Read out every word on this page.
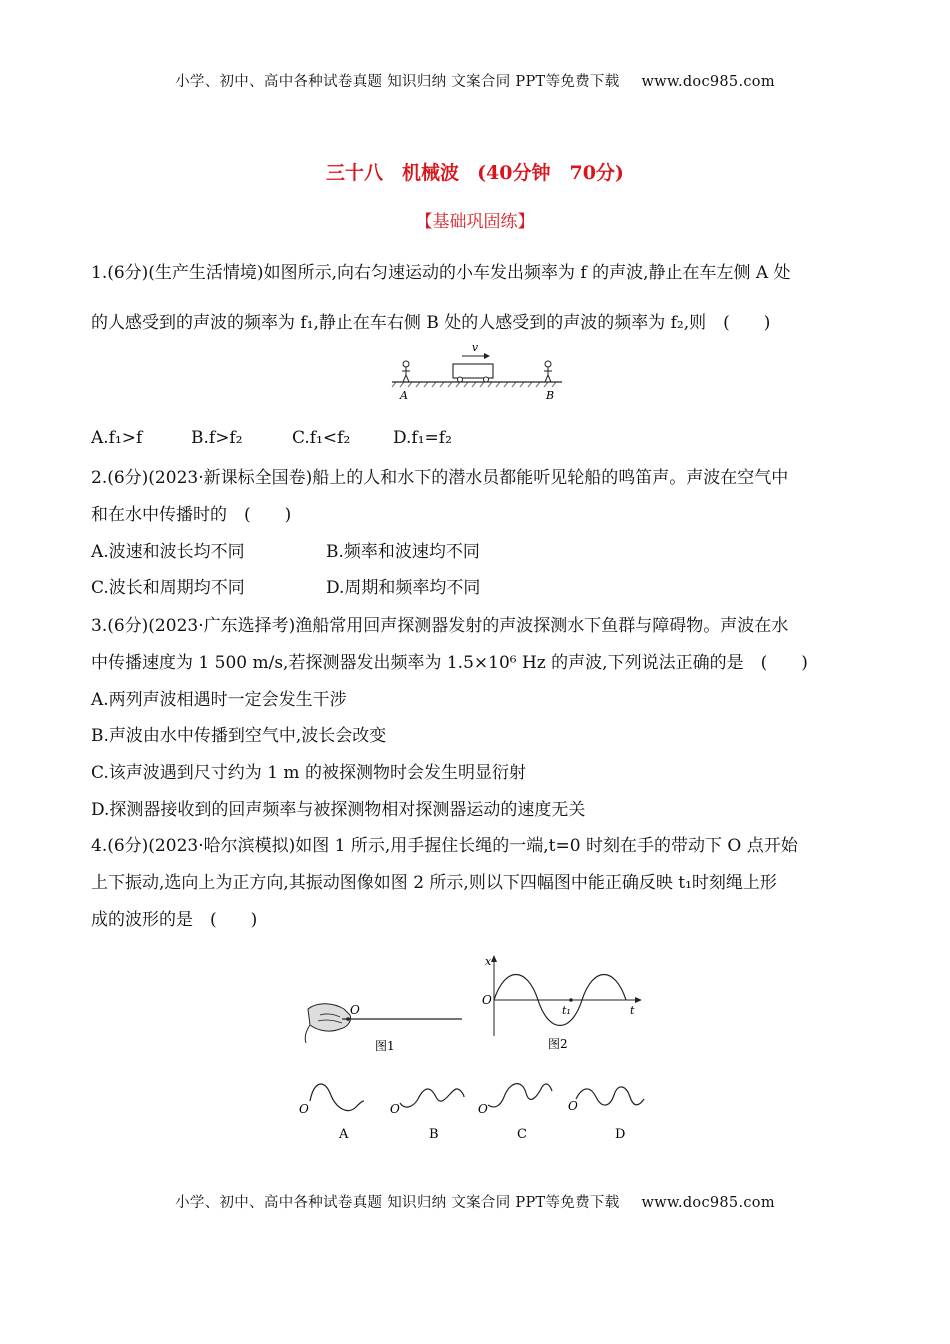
小学、初中、高中各种试卷真题 知识归纳 文案合同 PPT等免费下载 www.doc985.com
三十八　机械波 (40分钟　70分)
【基础巩固练】
1.(6分)(生产生活情境)如图所示,向右匀速运动的小车发出频率为 f 的声波,静止在车左侧 A 处
的人感受到的声波的频率为 f₁,静止在车右侧 B 处的人感受到的声波的频率为 f₂,则　(　　)
v
A	B
A.f₁>f	B.f>f₂	C.f₁<f₂	D.f₁=f₂
2.(6分)(2023·新课标全国卷)船上的人和水下的潜水员都能听见轮船的鸣笛声。声波在空气中
和在水中传播时的　(　　)
A.波速和波长均不同	B.频率和波速均不同
C.波长和周期均不同	D.周期和频率均不同
3.(6分)(2023·广东选择考)渔船常用回声探测器发射的声波探测水下鱼群与障碍物。声波在水
中传播速度为 1 500 m/s,若探测器发出频率为 1.5×10⁶ Hz 的声波,下列说法正确的是　(　　)
A.两列声波相遇时一定会发生干涉
B.声波由水中传播到空气中,波长会改变
C.该声波遇到尺寸约为 1 m 的被探测物时会发生明显衍射
D.探测器接收到的回声频率与被探测物相对探测器运动的速度无关
4.(6分)(2023·哈尔滨模拟)如图 1 所示,用手握住长绳的一端,t=0 时刻在手的带动下 O 点开始
上下振动,选向上为正方向,其振动图像如图 2 所示,则以下四幅图中能正确反映 t₁时刻绳上形
成的波形的是　(　　)
O
图1
x
O
t₁	t
图2
O
A
O
B
O
C
O
D
小学、初中、高中各种试卷真题 知识归纳 文案合同 PPT等免费下载 www.doc985.com
